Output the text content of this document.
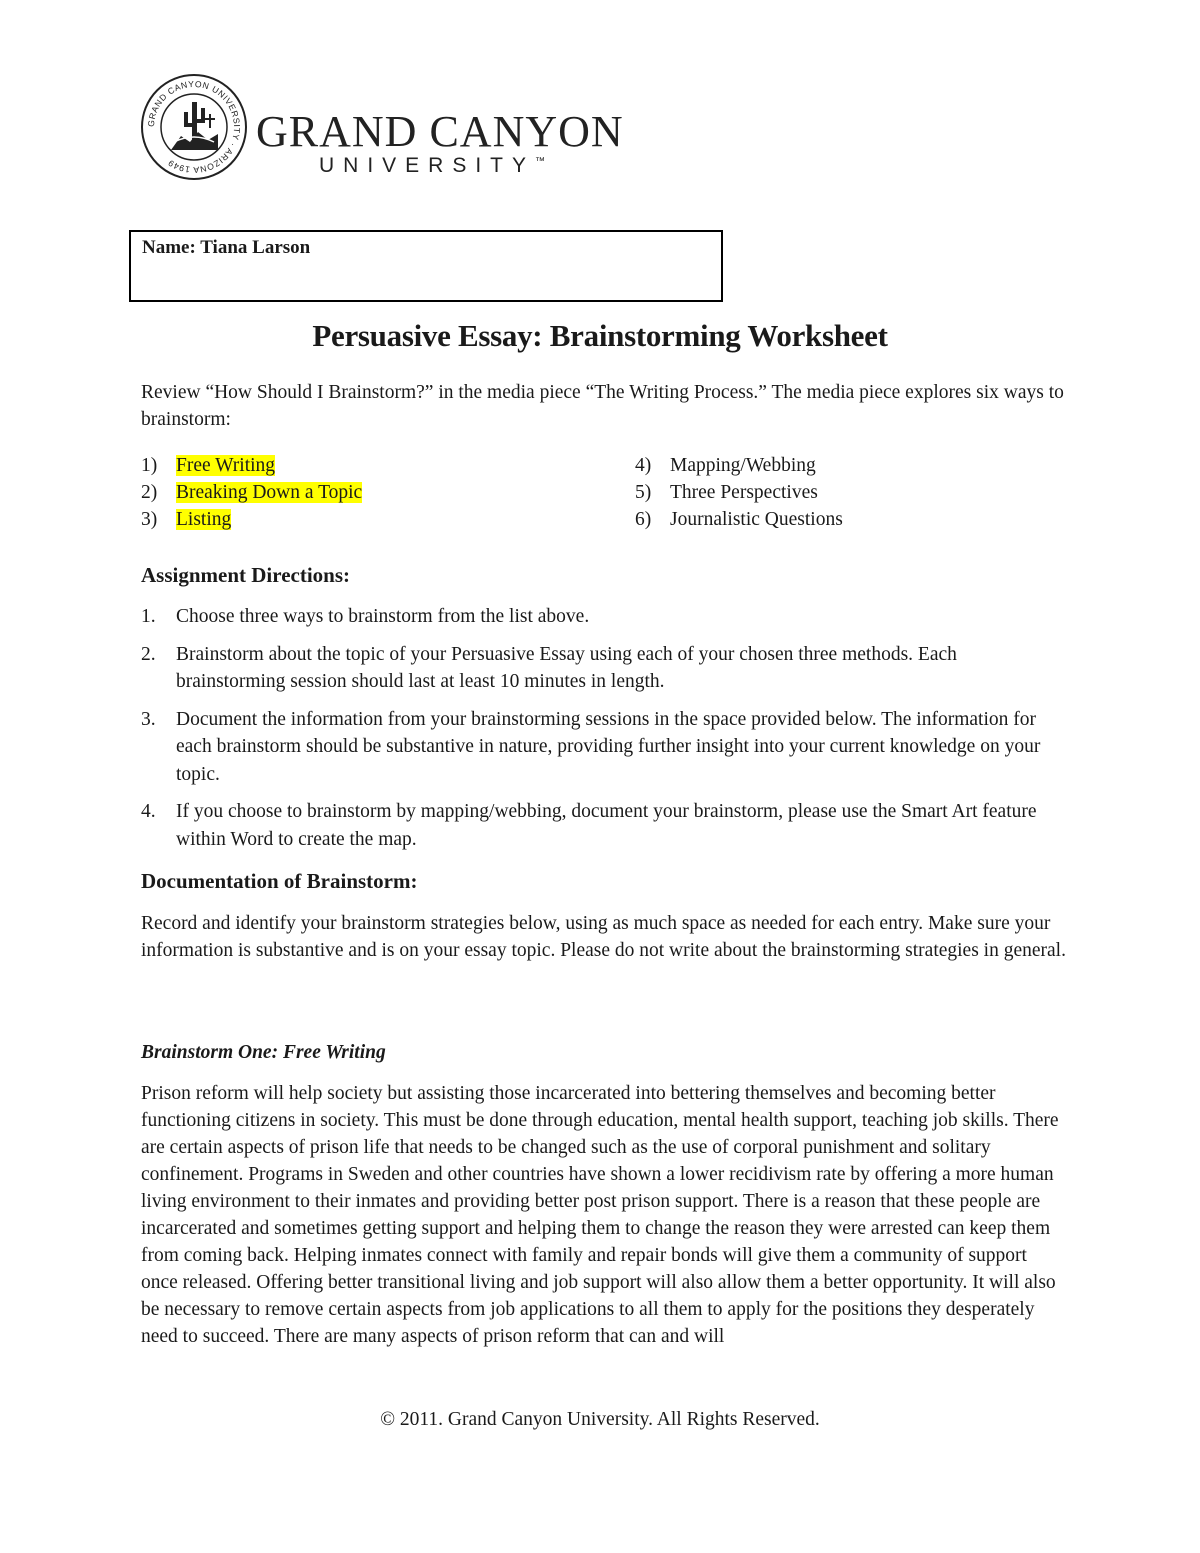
GRAND CANYON UNIVERSITY · ARIZONA 1949
GRAND CANYON
UNIVERSITY™
Name: Tiana Larson
Persuasive Essay: Brainstorming Worksheet
Review “How Should I Brainstorm?” in the media piece “The Writing Process.” The media piece explores six ways to brainstorm:
1) Free Writing
2) Breaking Down a Topic
3) Listing
4) Mapping/Webbing
5) Three Perspectives
6) Journalistic Questions
Assignment Directions:
1. Choose three ways to brainstorm from the list above.
2. Brainstorm about the topic of your Persuasive Essay using each of your chosen three methods. Each brainstorming session should last at least 10 minutes in length.
3. Document the information from your brainstorming sessions in the space provided below. The information for each brainstorm should be substantive in nature, providing further insight into your current knowledge on your topic.
4. If you choose to brainstorm by mapping/webbing, document your brainstorm, please use the Smart Art feature within Word to create the map.
Documentation of Brainstorm:
Record and identify your brainstorm strategies below, using as much space as needed for each entry. Make sure your information is substantive and is on your essay topic. Please do not write about the brainstorming strategies in general.
Brainstorm One: Free Writing
Prison reform will help society but assisting those incarcerated into bettering themselves and becoming better functioning citizens in society. This must be done through education, mental health support, teaching job skills. There are certain aspects of prison life that needs to be changed such as the use of corporal punishment and solitary confinement. Programs in Sweden and other countries have shown a lower recidivism rate by offering a more human living environment to their inmates and providing better post prison support. There is a reason that these people are incarcerated and sometimes getting support and helping them to change the reason they were arrested can keep them from coming back. Helping inmates connect with family and repair bonds will give them a community of support once released. Offering better transitional living and job support will also allow them a better opportunity. It will also be necessary to remove certain aspects from job applications to all them to apply for the positions they desperately need to succeed. There are many aspects of prison reform that can and will
© 2011. Grand Canyon University. All Rights Reserved.
